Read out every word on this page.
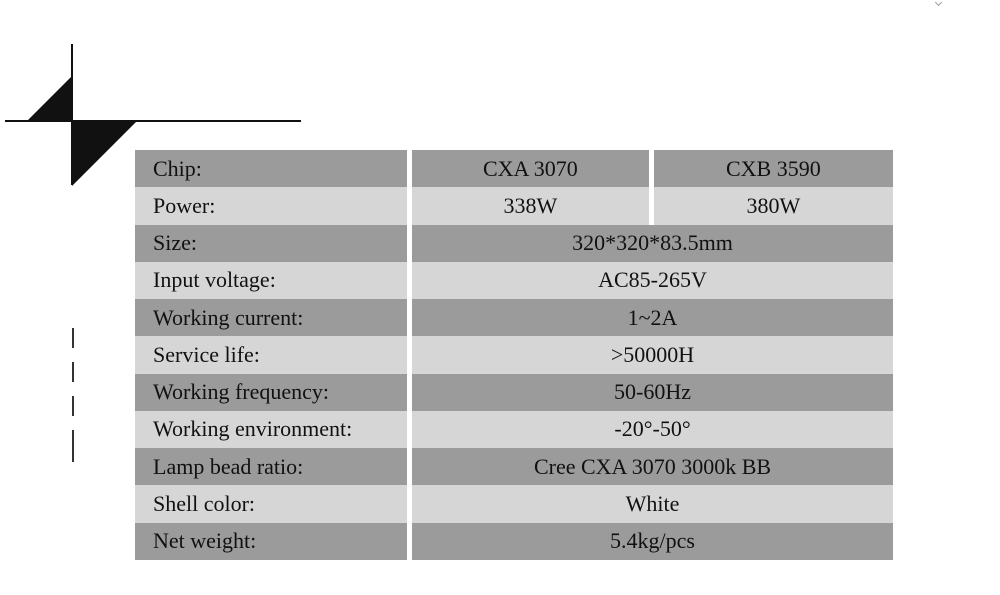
Chip:	CXA 3070	CXB 3590
Power:	338W	380W
Size:	320*320*83.5mm	
Input voltage:	AC85-265V	
Working current:	1~2A	
Service life:	>50000H	
Working frequency:	50-60Hz	
Working environment:	-20°-50°	
Lamp bead ratio:	Cree CXA 3070 3000k BB	
Shell color:	White	
Net weight:	5.4kg/pcs	
